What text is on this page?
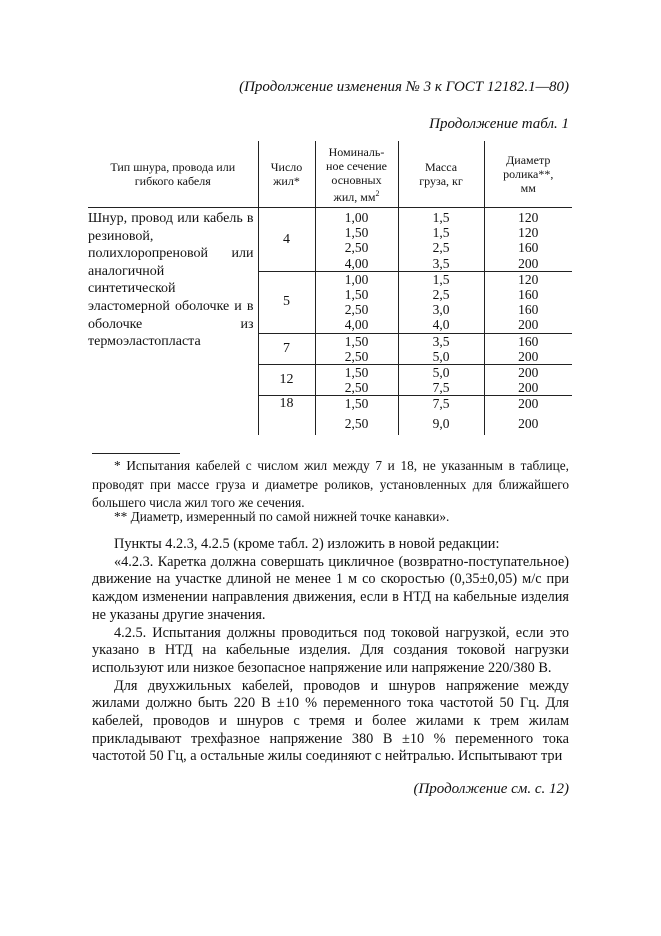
(Продолжение изменения № 3 к ГОСТ 12182.1—80)
Продолжение табл. 1
Тип шнура, провода или гибкого кабеля	Число жил*	Номиналь-ное сечение основных жил, $мм^2$	Масса груза, кг	Диаметр ролика**, мм
Шнур, провод или кабель в резиновой, полихлоропреновой или аналогичной синтетической эластомерной оболочке и в оболочке из термоэластопласта	4	1,00	1,5	120
		1,50	1,5	120
		2,50	2,5	160
		4,00	3,5	200
	5	1,00	1,5	120
		1,50	2,5	160
		2,50	3,0	160
		4,00	4,0	200
	7	1,50	3,5	160
		2,50	5,0	200
	12	1,50	5,0	200
		2,50	7,5	200
	18	1,50	7,5	200
		2,50	9,0	200
* Испытания кабелей с числом жил между 7 и 18, не указанным в таблице, проводят при массе груза и диаметре роликов, установленных для ближайшего большего числа жил того же сечения.
** Диаметр, измеренный по самой нижней точке канавки».

Пункты 4.2.3, 4.2.5 (кроме табл. 2) изложить в новой редакции:

«4.2.3. Каретка должна совершать цикличное (возвратно-поступательное) движение на участке длиной не менее 1 м со скоростью (0,35±0,05) м/с при каждом изменении направления движения, если в НТД на кабельные изделия не указаны другие значения.

4.2.5. Испытания должны проводиться под токовой нагрузкой, если это указано в НТД на кабельные изделия. Для создания токовой нагрузки используют или низкое безопасное напряжение или напряжение 220/380 В.

Для двухжильных кабелей, проводов и шнуров напряжение между жилами должно быть 220 В ±10 % переменного тока частотой 50 Гц. Для кабелей, проводов и шнуров с тремя и более жилами к трем жилам прикладывают трехфазное напряжение 380 В ±10 % переменного тока частотой 50 Гц, а остальные жилы соединяют с нейтралью. Испытывают три

(Продолжение см. с. 12)
